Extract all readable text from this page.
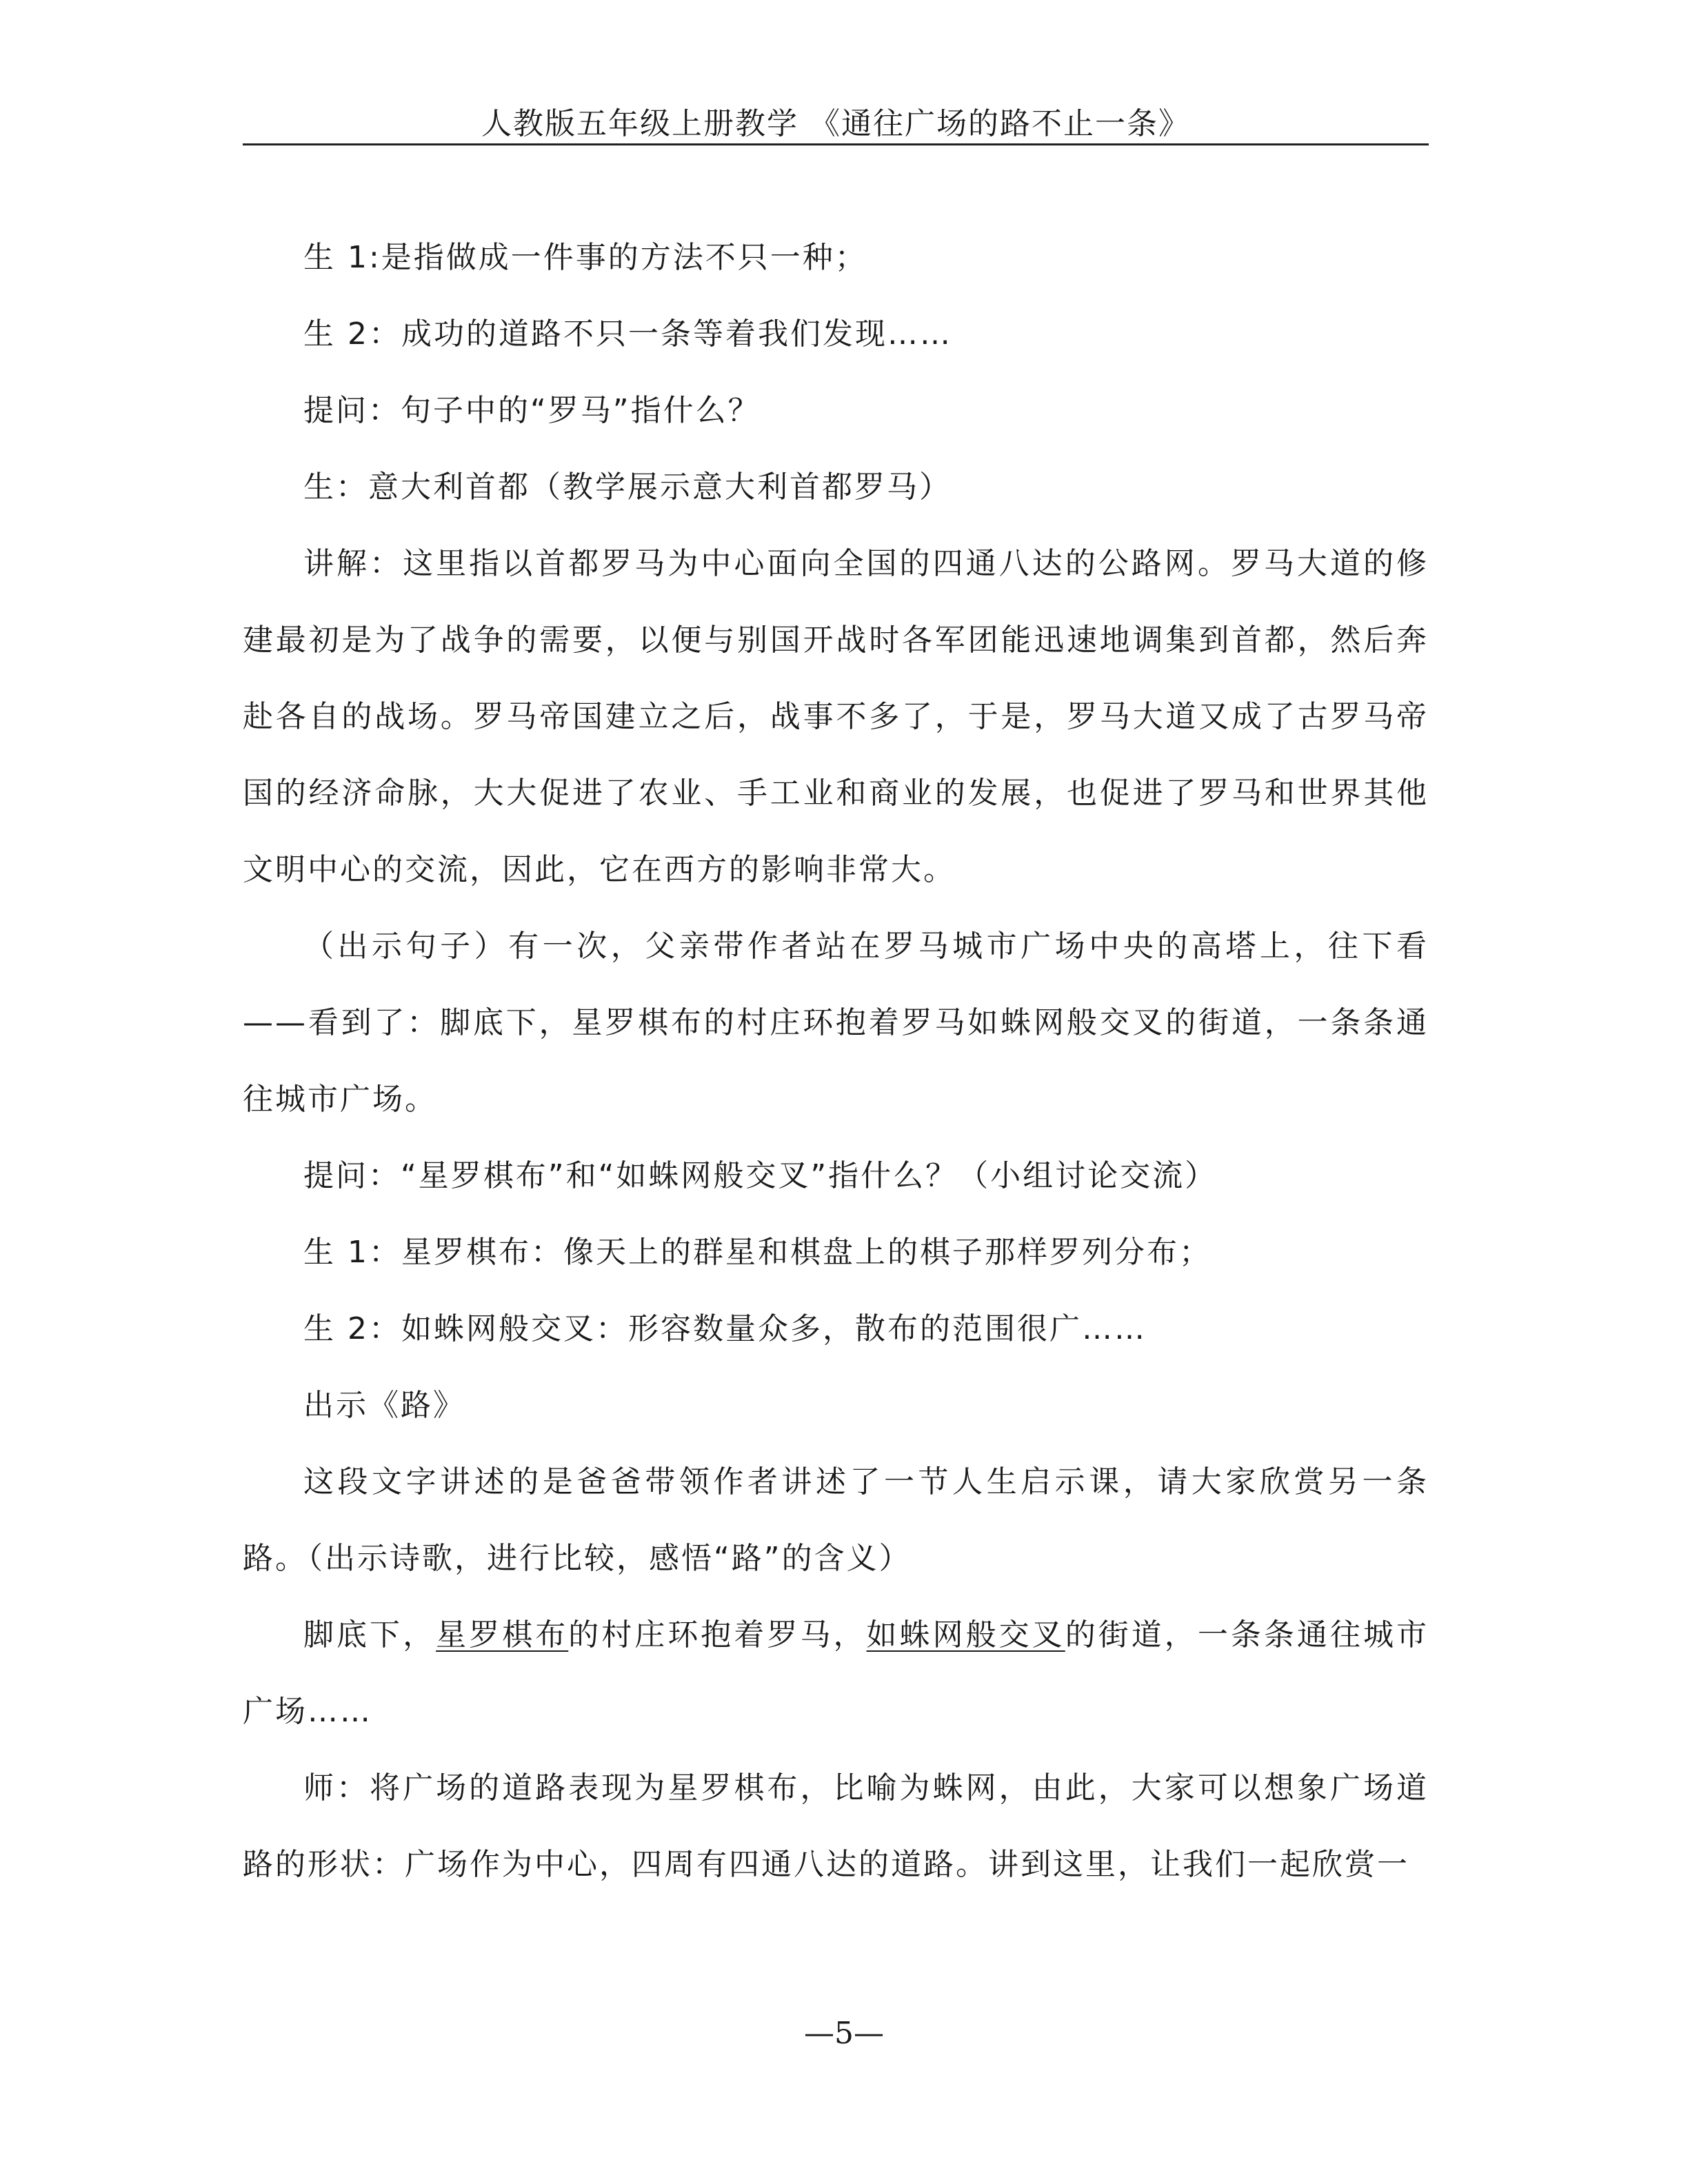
人教版五年级上册教学 《通往广场的路不止一条》

生 1:是指做成一件事的方法不只一种；

生 2：成功的道路不只一条等着我们发现……

提问：句子中的“罗马”指什么？

生：意大利首都（教学展示意大利首都罗马）

讲解：这里指以首都罗马为中心面向全国的四通八达的公路网。罗马大道的修建最初是为了战争的需要，以便与别国开战时各军团能迅速地调集到首都，然后奔赴各自的战场。罗马帝国建立之后，战事不多了，于是，罗马大道又成了古罗马帝国的经济命脉，大大促进了农业、手工业和商业的发展，也促进了罗马和世界其他文明中心的交流，因此，它在西方的影响非常大。

（出示句子）有一次，父亲带作者站在罗马城市广场中央的高塔上，往下看——看到了：脚底下，星罗棋布的村庄环抱着罗马如蛛网般交叉的街道，一条条通往城市广场。

提问：“星罗棋布”和“如蛛网般交叉”指什么？（小组讨论交流）

生 1：星罗棋布：像天上的群星和棋盘上的棋子那样罗列分布；

生 2：如蛛网般交叉：形容数量众多，散布的范围很广……

出示《路》

这段文字讲述的是爸爸带领作者讲述了一节人生启示课，请大家欣赏另一条路。（出示诗歌，进行比较，感悟“路”的含义）

脚底下，星罗棋布的村庄环抱着罗马，如蛛网般交叉的街道，一条条通往城市广场……

师：将广场的道路表现为星罗棋布，比喻为蛛网，由此，大家可以想象广场道路的形状：广场作为中心，四周有四通八达的道路。讲到这里，让我们一起欣赏一

—5—
